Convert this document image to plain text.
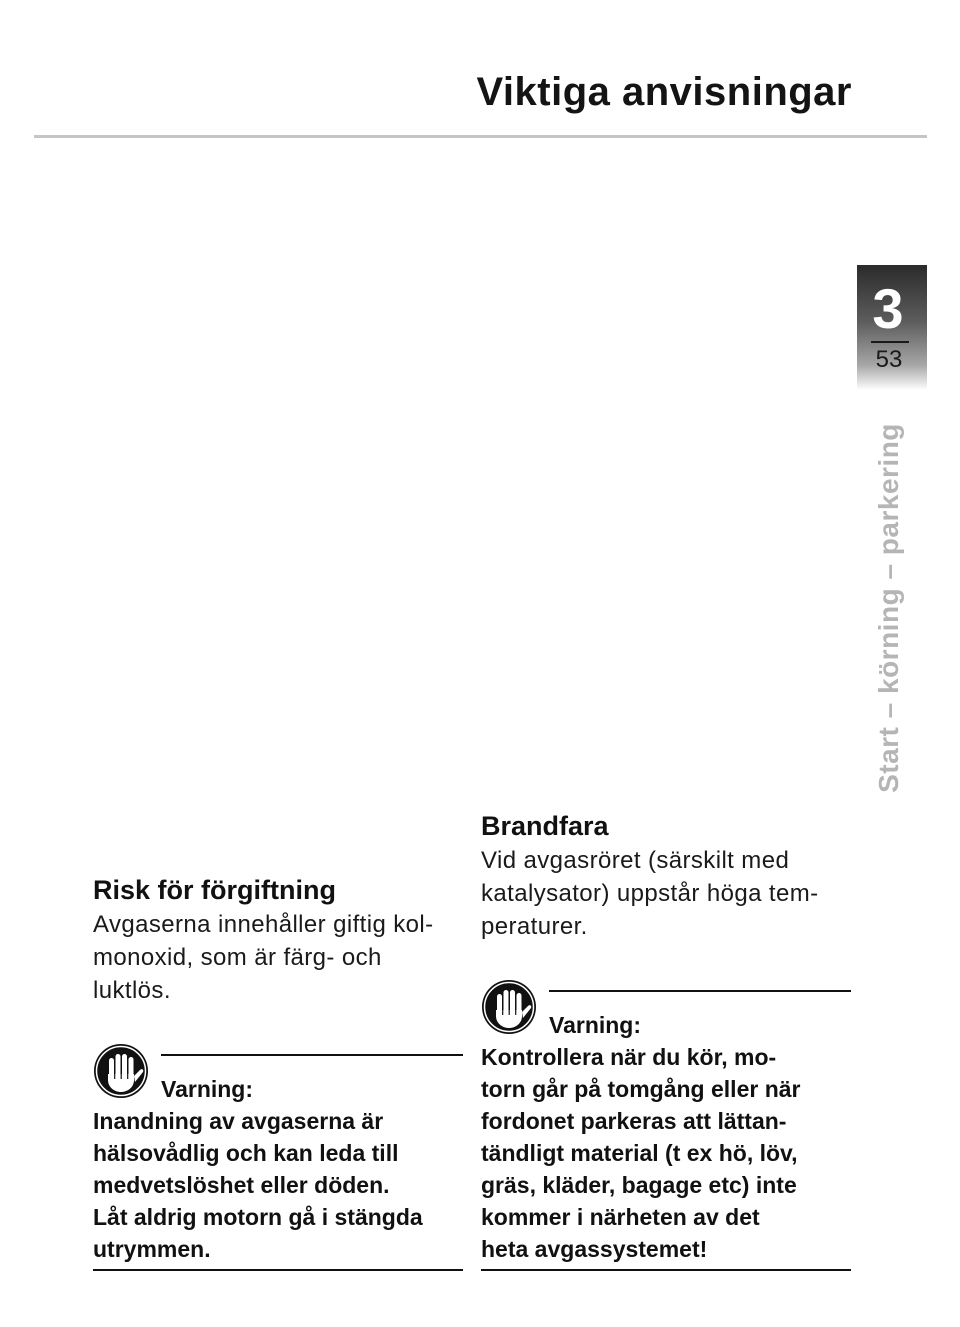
Viktiga anvisningar
3
53
Start – körning – parkering
Risk för förgiftning
Avgaserna innehåller giftig kol-
monoxid, som är färg- och
luktlös.
Varning:
Inandning av avgaserna är
hälsovådlig och kan leda till
medvetslöshet eller döden.
Låt aldrig motorn gå i stängda
utrymmen.
Brandfara
Vid avgasröret (särskilt med
katalysator) uppstår höga tem-
peraturer.
Varning:
Kontrollera när du kör, mo-
torn går på tomgång eller när
fordonet parkeras att lättan-
tändligt material (t ex hö, löv,
gräs, kläder, bagage etc) inte
kommer i närheten av det
heta avgassystemet!
